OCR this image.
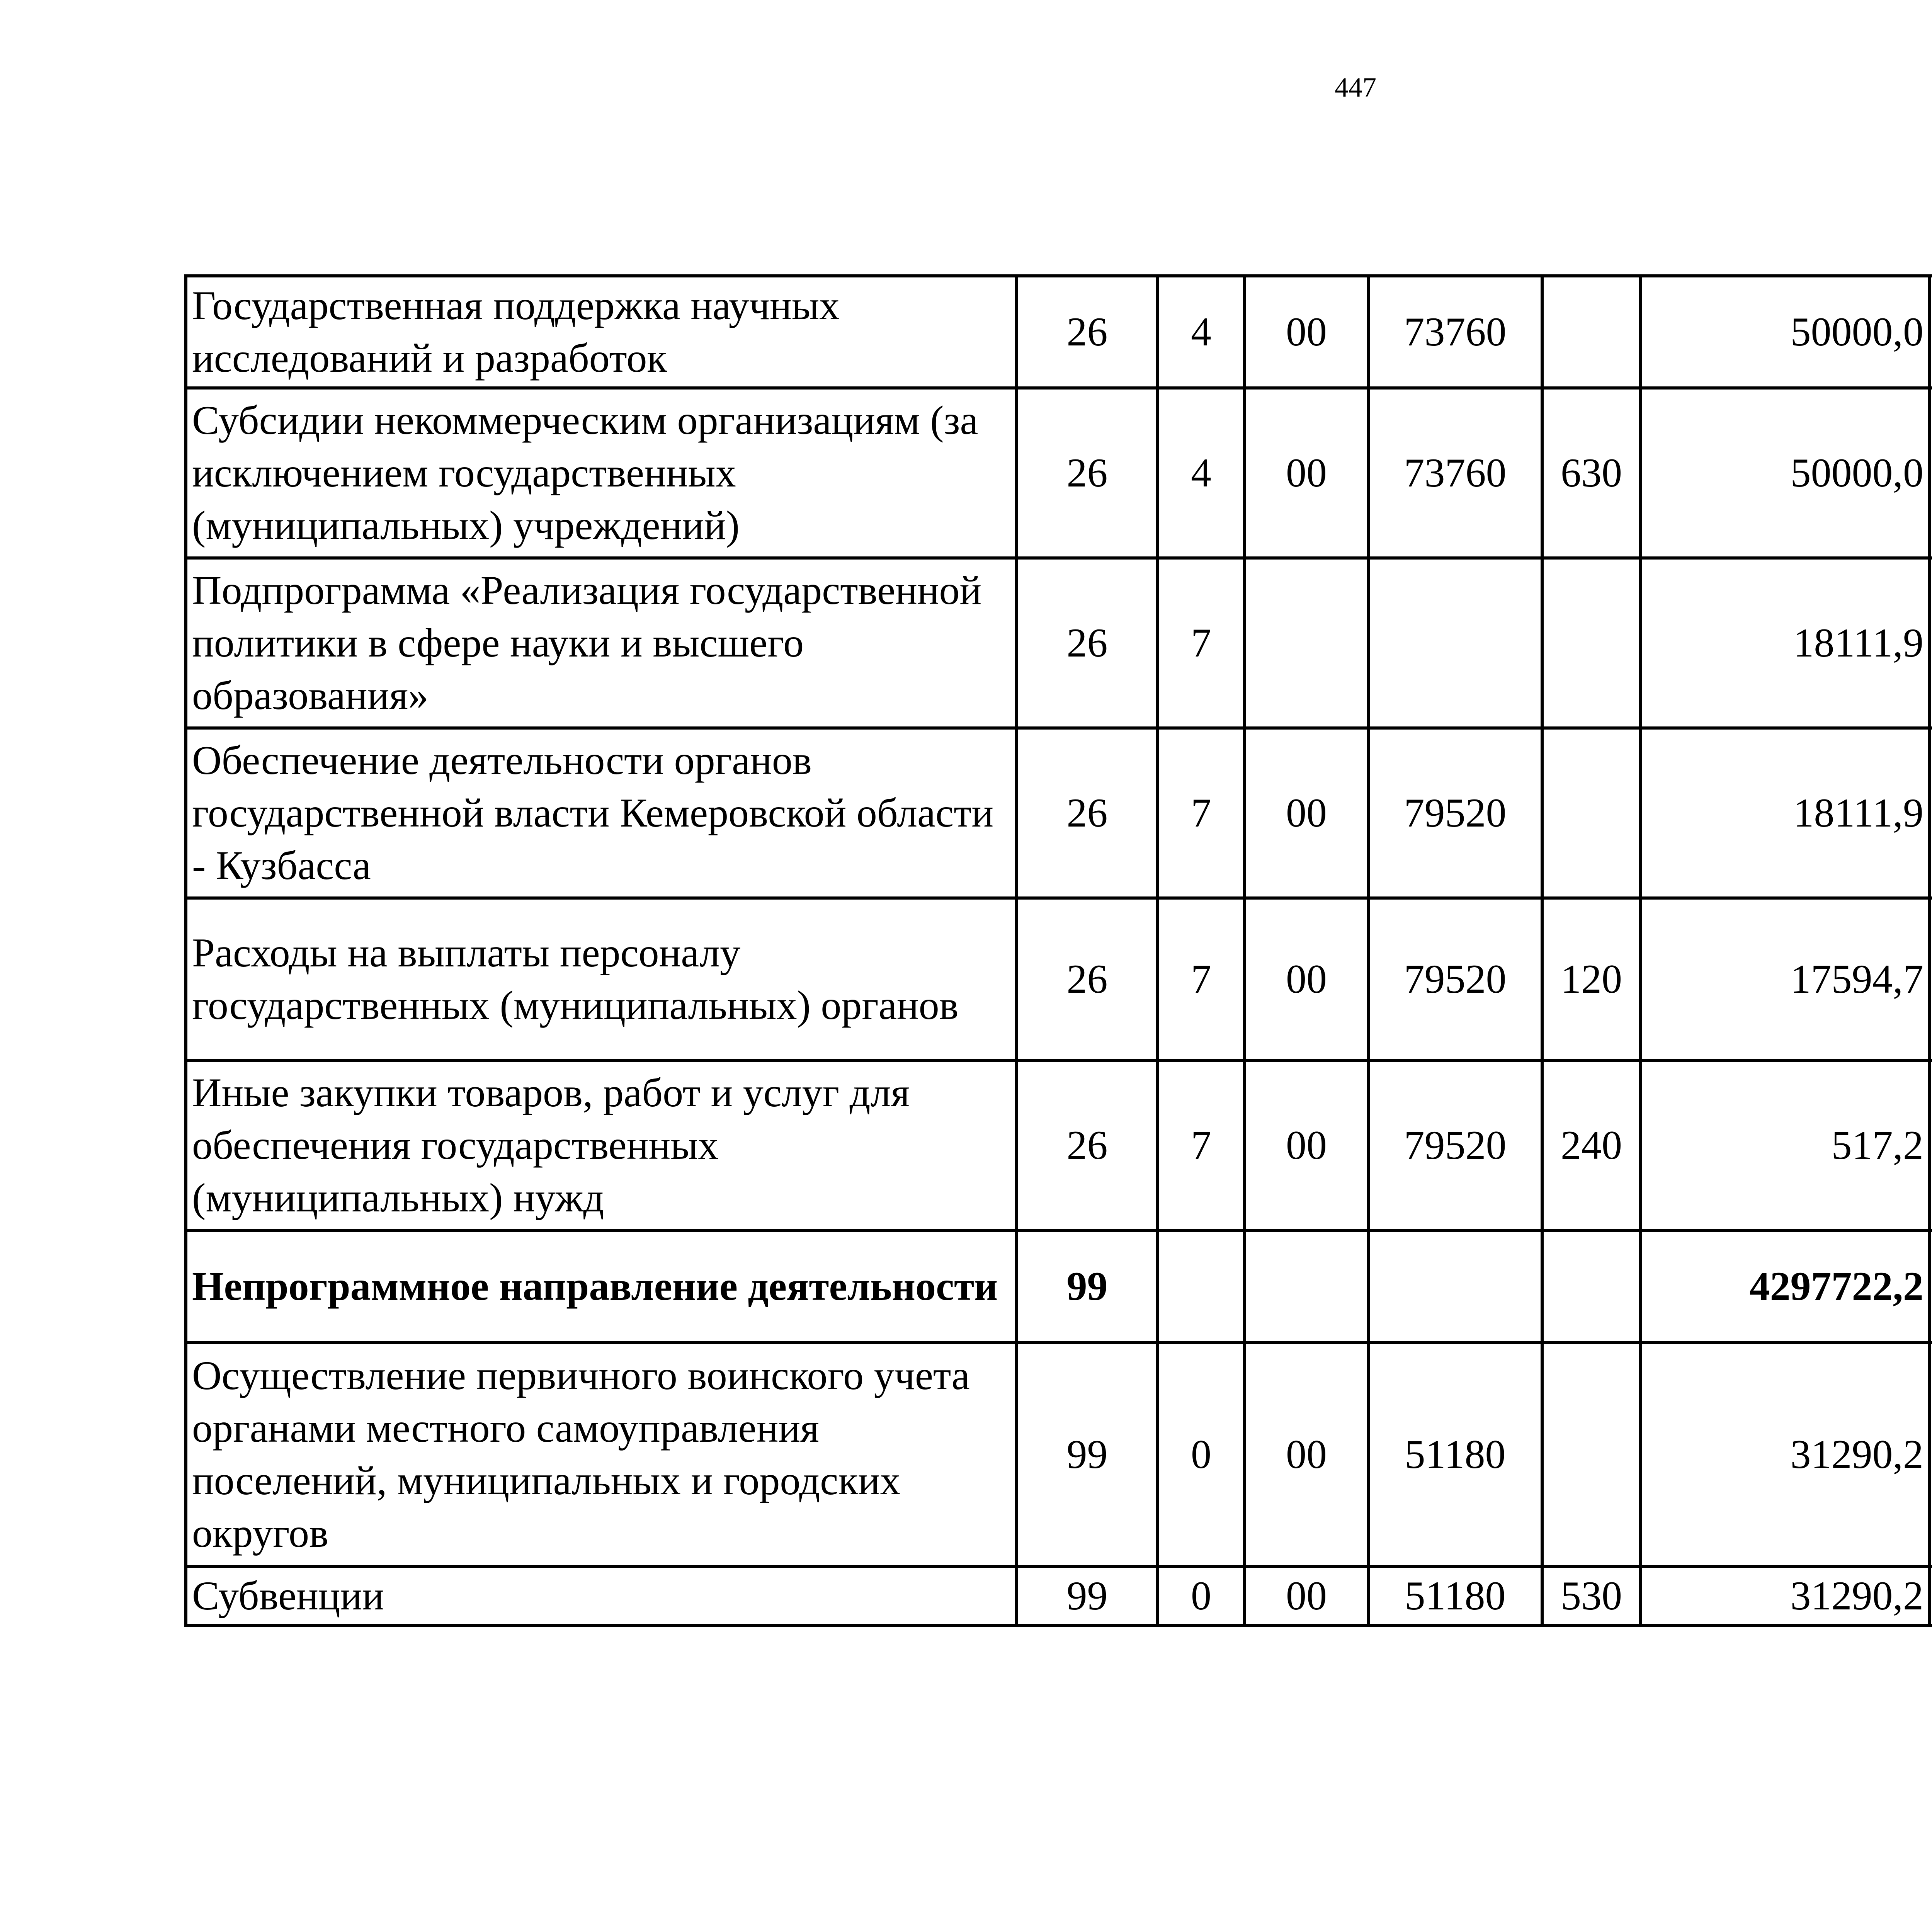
447
Государственная поддержка научных исследований и разработок	26	4	00	73760		50000,0		
Субсидии некоммерческим организациям (за исключением государственных (муниципальных) учреждений)	26	4	00	73760	630	50000,0		
Подпрограмма «Реализация государственной политики в сфере науки и высшего образования»	26	7				18111,9		
Обеспечение деятельности органов государственной власти Кемеровской области - Кузбасса	26	7	00	79520		18111,9		
Расходы на выплаты персоналу государственных (муниципальных) органов	26	7	00	79520	120	17594,7		
Иные закупки товаров, работ и услуг для обеспечения государственных (муниципальных) нужд	26	7	00	79520	240	517,2		
Непрограммное направление деятельности	99					4297722,2		
Осуществление первичного воинского учета органами местного самоуправления поселений, муниципальных и городских округов	99	0	00	51180		31290,2		
Субвенции	99	0	00	51180	530	31290,2		
